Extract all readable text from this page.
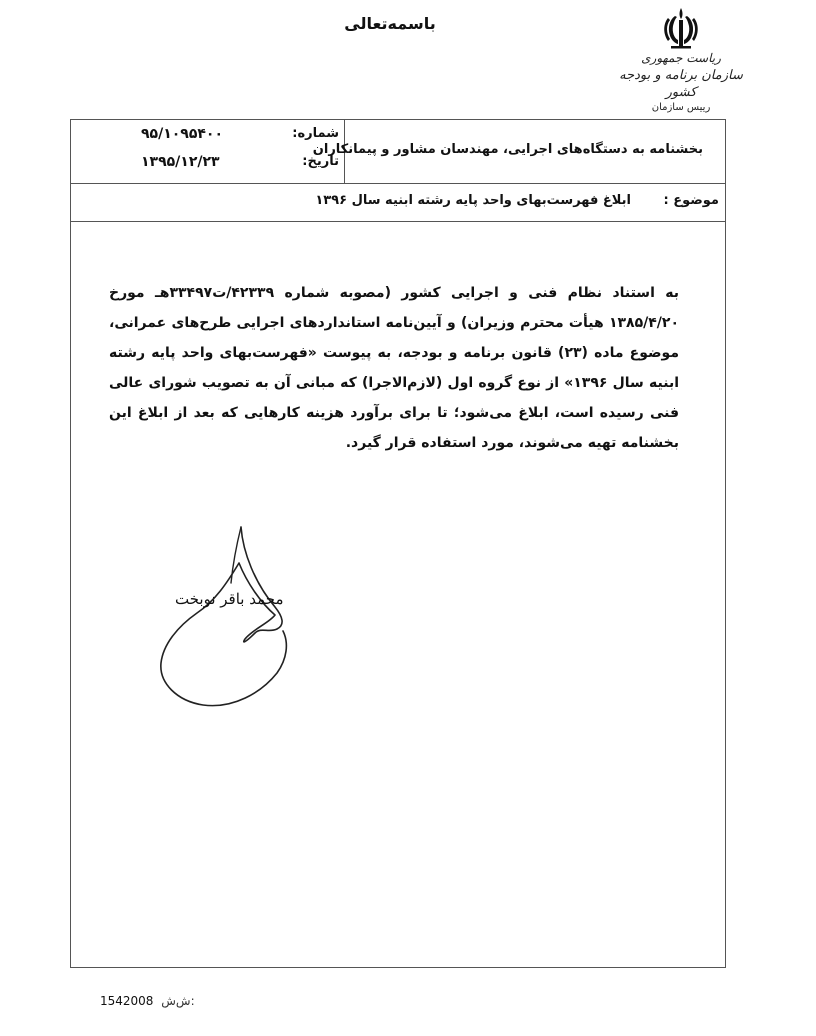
باسمه‌تعالی
ریاست جمهوری
سازمان برنامه و بودجه کشور
رییس سازمان
شماره:
۹۵/۱۰۹۵۴۰۰
تاریخ:
۱۳۹۵/۱۲/۲۳
بخشنامه به دستگاه‌های اجرایی، مهندسان مشاور و پیمانکاران
موضوع :
ابلاغ فهرست‌بهای واحد پایه رشته ابنیه سال ۱۳۹۶
به استناد نظام فنی و اجرایی کشور (مصوبه شماره ۴۲۳۳۹/ت۳۳۴۹۷هـ مورخ ۱۳۸۵/۴/۲۰ هیأت محترم وزیران) و آیین‌نامه استانداردهای اجرایی طرح‌های عمرانی، موضوع ماده (۲۳) قانون برنامه و بودجه، به پیوست «فهرست‌بهای واحد پایه رشته ابنیه سال ۱۳۹۶» از نوع گروه اول (لازم‌الاجرا) که مبانی آن به تصویب شورای عالی فنی رسیده است، ابلاغ می‌شود؛ تا برای برآورد هزینه کارهایی که بعد از ابلاغ این بخشنامه تهیه می‌شوند، مورد استفاده قرار گیرد.
محمد باقر نوبخت
1542008 ش‌ش:
